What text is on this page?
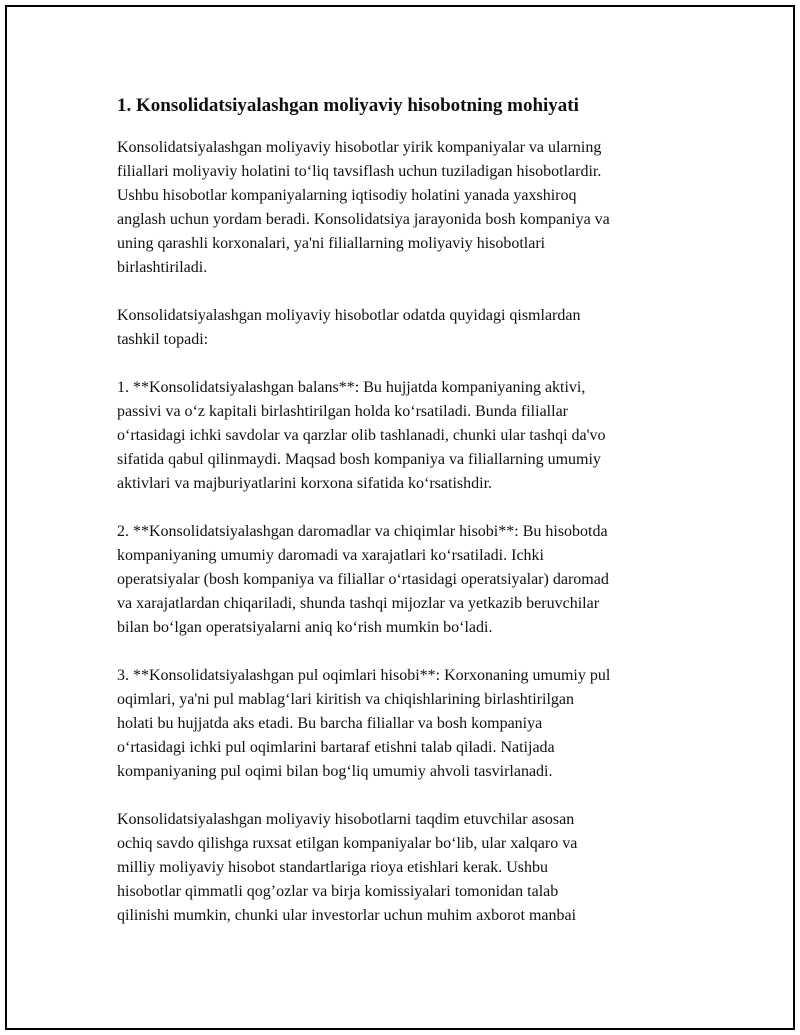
1. Konsolidatsiyalashgan moliyaviy hisobotning mohiyati

Konsolidatsiyalashgan moliyaviy hisobotlar yirik kompaniyalar va ularning
filiallari moliyaviy holatini to‘liq tavsiflash uchun tuziladigan hisobotlardir.
Ushbu hisobotlar kompaniyalarning iqtisodiy holatini yanada yaxshiroq
anglash uchun yordam beradi. Konsolidatsiya jarayonida bosh kompaniya va
uning qarashli korxonalari, ya'ni filiallarning moliyaviy hisobotlari
birlashtiriladi.

Konsolidatsiyalashgan moliyaviy hisobotlar odatda quyidagi qismlardan
tashkil topadi:

1. **Konsolidatsiyalashgan balans**: Bu hujjatda kompaniyaning aktivi,
passivi va o‘z kapitali birlashtirilgan holda ko‘rsatiladi. Bunda filiallar
o‘rtasidagi ichki savdolar va qarzlar olib tashlanadi, chunki ular tashqi da'vo
sifatida qabul qilinmaydi. Maqsad bosh kompaniya va filiallarning umumiy
aktivlari va majburiyatlarini korxona sifatida ko‘rsatishdir.

2. **Konsolidatsiyalashgan daromadlar va chiqimlar hisobi**: Bu hisobotda
kompaniyaning umumiy daromadi va xarajatlari ko‘rsatiladi. Ichki
operatsiyalar (bosh kompaniya va filiallar o‘rtasidagi operatsiyalar) daromad
va xarajatlardan chiqariladi, shunda tashqi mijozlar va yetkazib beruvchilar
bilan bo‘lgan operatsiyalarni aniq ko‘rish mumkin bo‘ladi.

3. **Konsolidatsiyalashgan pul oqimlari hisobi**: Korxonaning umumiy pul
oqimlari, ya'ni pul mablag‘lari kiritish va chiqishlarining birlashtirilgan
holati bu hujjatda aks etadi. Bu barcha filiallar va bosh kompaniya
o‘rtasidagi ichki pul oqimlarini bartaraf etishni talab qiladi. Natijada
kompaniyaning pul oqimi bilan bog‘liq umumiy ahvoli tasvirlanadi.

Konsolidatsiyalashgan moliyaviy hisobotlarni taqdim etuvchilar asosan
ochiq savdo qilishga ruxsat etilgan kompaniyalar bo‘lib, ular xalqaro va
milliy moliyaviy hisobot standartlariga rioya etishlari kerak. Ushbu
hisobotlar qimmatli qog’ozlar va birja komissiyalari tomonidan talab
qilinishi mumkin, chunki ular investorlar uchun muhim axborot manbai
